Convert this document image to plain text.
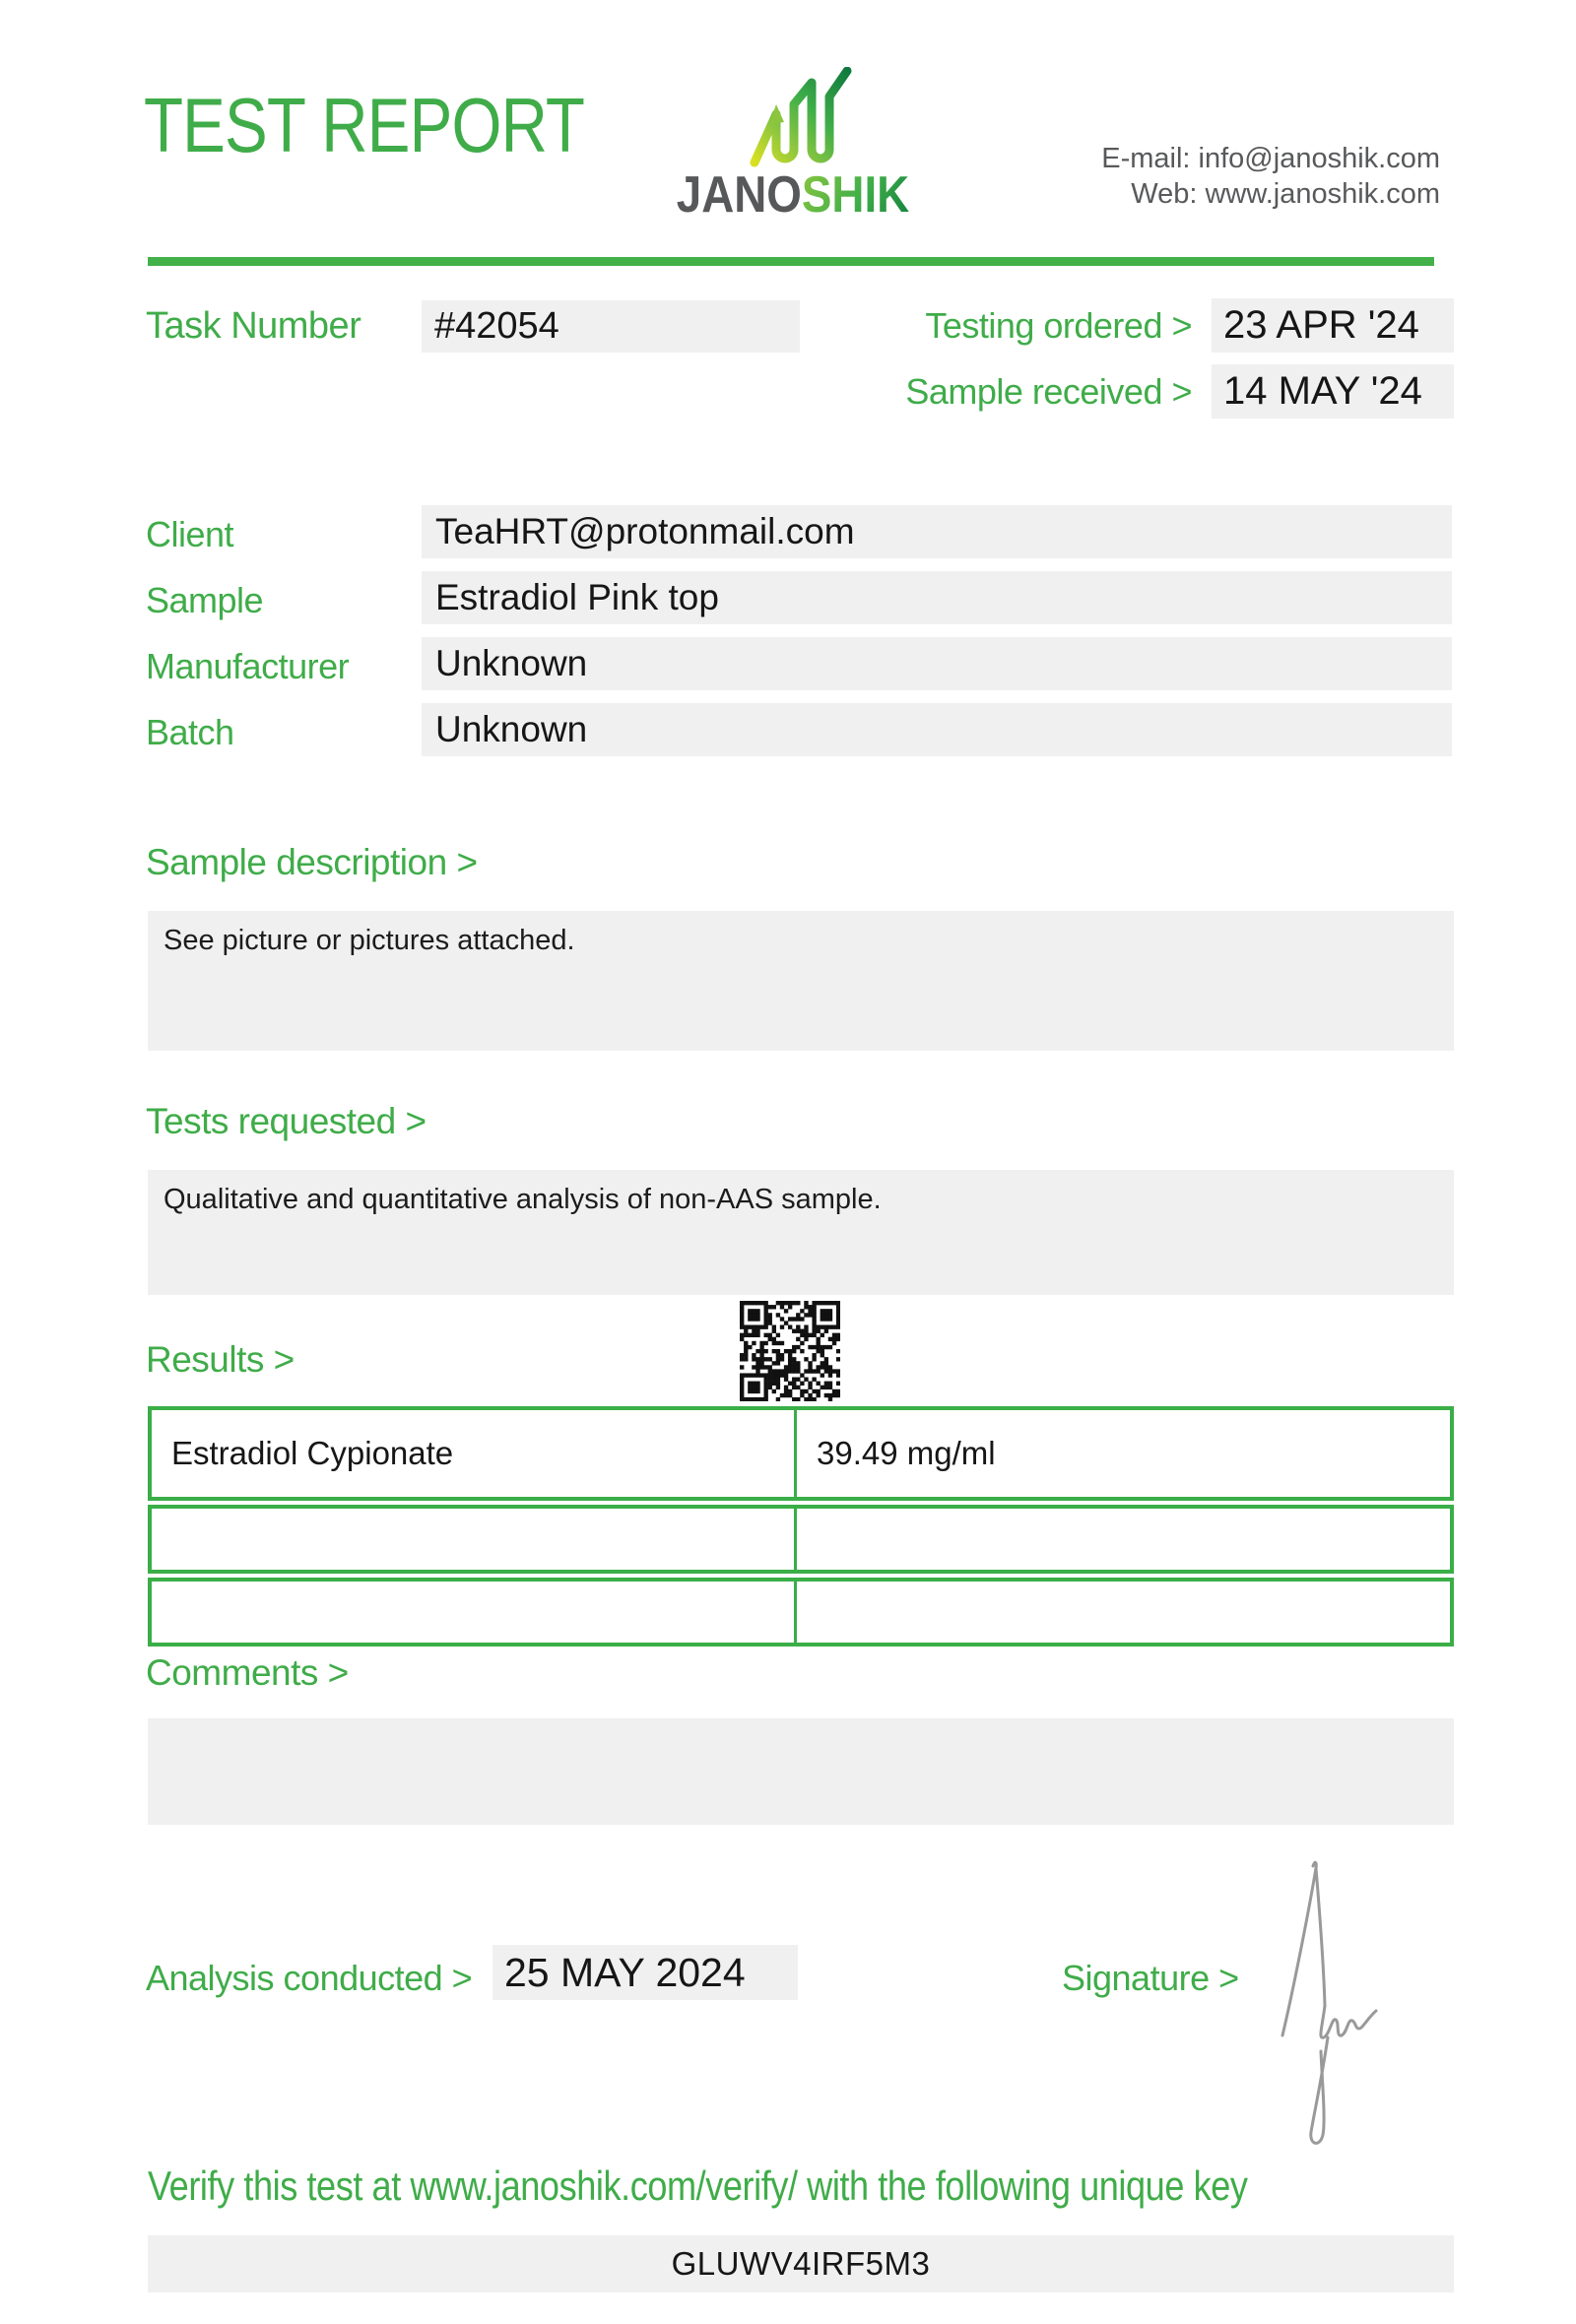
TEST REPORT
JANOSHIK
E-mail: info@janoshik.com
Web: www.janoshik.com
Task Number	#42054	Testing ordered > 23 APR '24
Sample received > 14 MAY '24
Client	TeaHRT@protonmail.com
Sample	Estradiol Pink top
Manufacturer	Unknown
Batch	Unknown
Sample description >
See picture or pictures attached.
Tests requested >
Qualitative and quantitative analysis of non-AAS sample.
Results >
Estradiol Cypionate	39.49 mg/ml
Comments >
Analysis conducted > 25 MAY 2024	Signature >
Verify this test at www.janoshik.com/verify/ with the following unique key
GLUWV4IRF5M3
